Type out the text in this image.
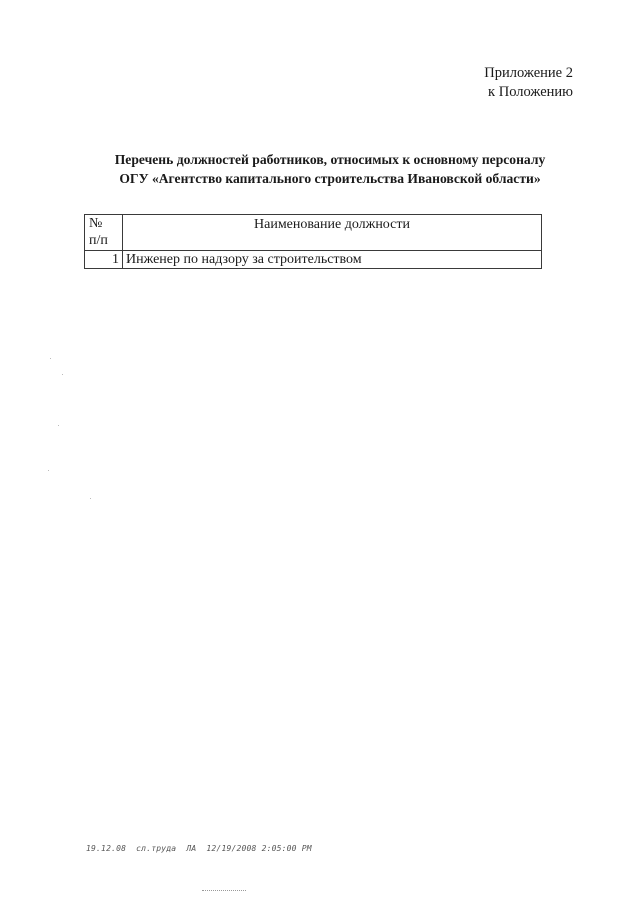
Приложение 2
к Положению
Перечень должностей работников, относимых к основному персоналу
ОГУ «Агентство капитального строительства Ивановской области»
№
п/п	Наименование должности
1	Инженер по надзору за строительством
19.12.08  сл.труда  ЛА  12/19/2008 2:05:00 PM
